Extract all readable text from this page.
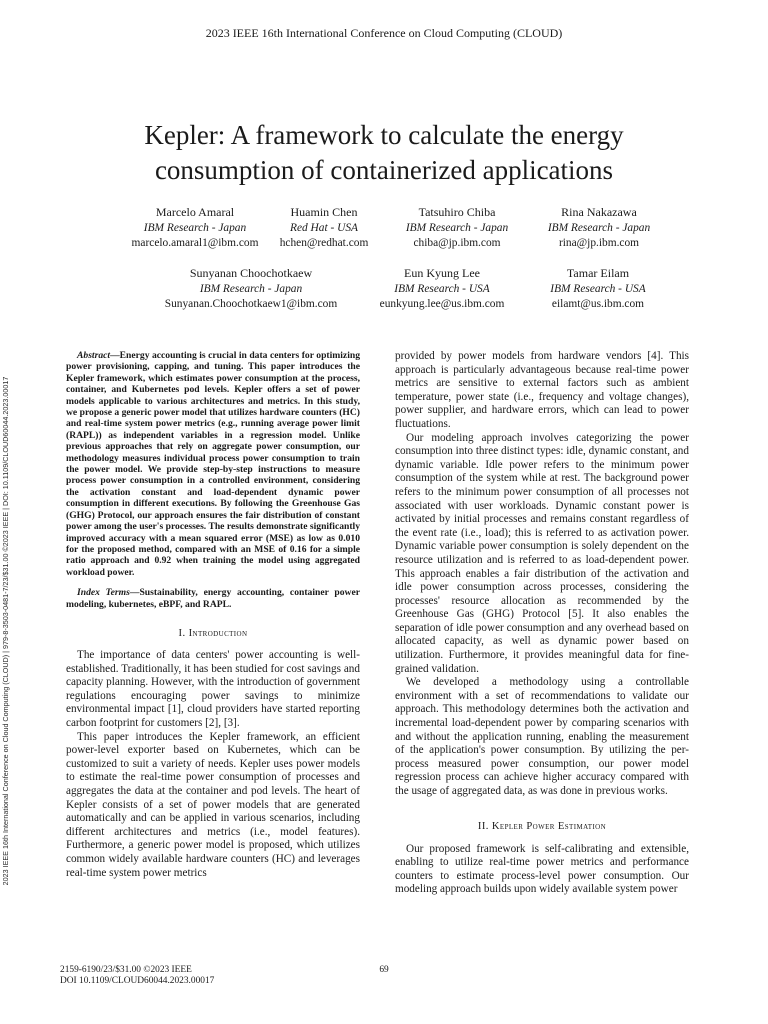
2023 IEEE 16th International Conference on Cloud Computing (CLOUD)
Kepler: A framework to calculate the energy
consumption of containerized applications
Marcelo Amaral
IBM Research - Japan
marcelo.amaral1@ibm.com
Huamin Chen
Red Hat - USA
hchen@redhat.com
Tatsuhiro Chiba
IBM Research - Japan
chiba@jp.ibm.com
Rina Nakazawa
IBM Research - Japan
rina@jp.ibm.com
Sunyanan Choochotkaew
IBM Research - Japan
Sunyanan.Choochotkaew1@ibm.com
Eun Kyung Lee
IBM Research - USA
eunkyung.lee@us.ibm.com
Tamar Eilam
IBM Research - USA
eilamt@us.ibm.com
2023 IEEE 16th International Conference on Cloud Computing (CLOUD) | 979-8-3503-0481-7/23/$31.00 ©2023 IEEE | DOI: 10.1109/CLOUD60044.2023.00017

Abstract—Energy accounting is crucial in data centers for optimizing power provisioning, capping, and tuning. This paper introduces the Kepler framework, which estimates power consumption at the process, container, and Kubernetes pod levels. Kepler offers a set of power models applicable to various architectures and metrics. In this study, we propose a generic power model that utilizes hardware counters (HC) and real-time system power metrics (e.g., running average power limit (RAPL)) as independent variables in a regression model. Unlike previous approaches that rely on aggregate power consumption, our methodology measures individual process power consumption to train the power model. We provide step-by-step instructions to measure process power consumption in a controlled environment, considering the activation constant and load-dependent dynamic power consumption in different executions. By following the Greenhouse Gas (GHG) Protocol, our approach ensures the fair distribution of constant power among the user's processes. The results demonstrate significantly improved accuracy with a mean squared error (MSE) as low as 0.010 for the proposed method, compared with an MSE of 0.16 for a simple ratio approach and 0.92 when training the model using aggregated workload power.

Index Terms—Sustainability, energy accounting, container power modeling, kubernetes, eBPF, and RAPL.

I. Introduction

The importance of data centers' power accounting is well-established. Traditionally, it has been studied for cost savings and capacity planning. However, with the introduction of government regulations encouraging power savings to minimize environmental impact [1], cloud providers have started reporting carbon footprint for customers [2], [3].

This paper introduces the Kepler framework, an efficient power-level exporter based on Kubernetes, which can be customized to suit a variety of needs. Kepler uses power models to estimate the real-time power consumption of processes and aggregates the data at the container and pod levels. The heart of Kepler consists of a set of power models that are generated automatically and can be applied in various scenarios, including different architectures and metrics (i.e., model features). Furthermore, a generic power model is proposed, which utilizes common widely available hardware counters (HC) and leverages real-time system power metrics

provided by power models from hardware vendors [4]. This approach is particularly advantageous because real-time power metrics are sensitive to external factors such as ambient temperature, power state (i.e., frequency and voltage changes), power supplier, and hardware errors, which can lead to power fluctuations.

Our modeling approach involves categorizing the power consumption into three distinct types: idle, dynamic constant, and dynamic variable. Idle power refers to the minimum power consumption of the system while at rest. The background power refers to the minimum power consumption of all processes not associated with user workloads. Dynamic constant power is activated by initial processes and remains constant regardless of the event rate (i.e., load); this is referred to as activation power. Dynamic variable power consumption is solely dependent on the resource utilization and is referred to as load-dependent power. This approach enables a fair distribution of the activation and idle power consumption across processes, considering the processes' resource allocation as recommended by the Greenhouse Gas (GHG) Protocol [5]. It also enables the separation of idle power consumption and any overhead based on allocated capacity, as well as dynamic power based on utilization. Furthermore, it provides meaningful data for fine-grained validation.

We developed a methodology using a controllable environment with a set of recommendations to validate our approach. This methodology determines both the activation and incremental load-dependent power by comparing scenarios with and without the application running, enabling the measurement of the application's power consumption. By utilizing the per-process measured power consumption, our power model regression process can achieve higher accuracy compared with the usage of aggregated data, as was done in previous works.

II. Kepler Power Estimation

Our proposed framework is self-calibrating and extensible, enabling to utilize real-time power metrics and performance counters to estimate process-level power consumption. Our modeling approach builds upon widely available system power

2159-6190/23/$31.00 ©2023 IEEE
DOI 10.1109/CLOUD60044.2023.00017
69
